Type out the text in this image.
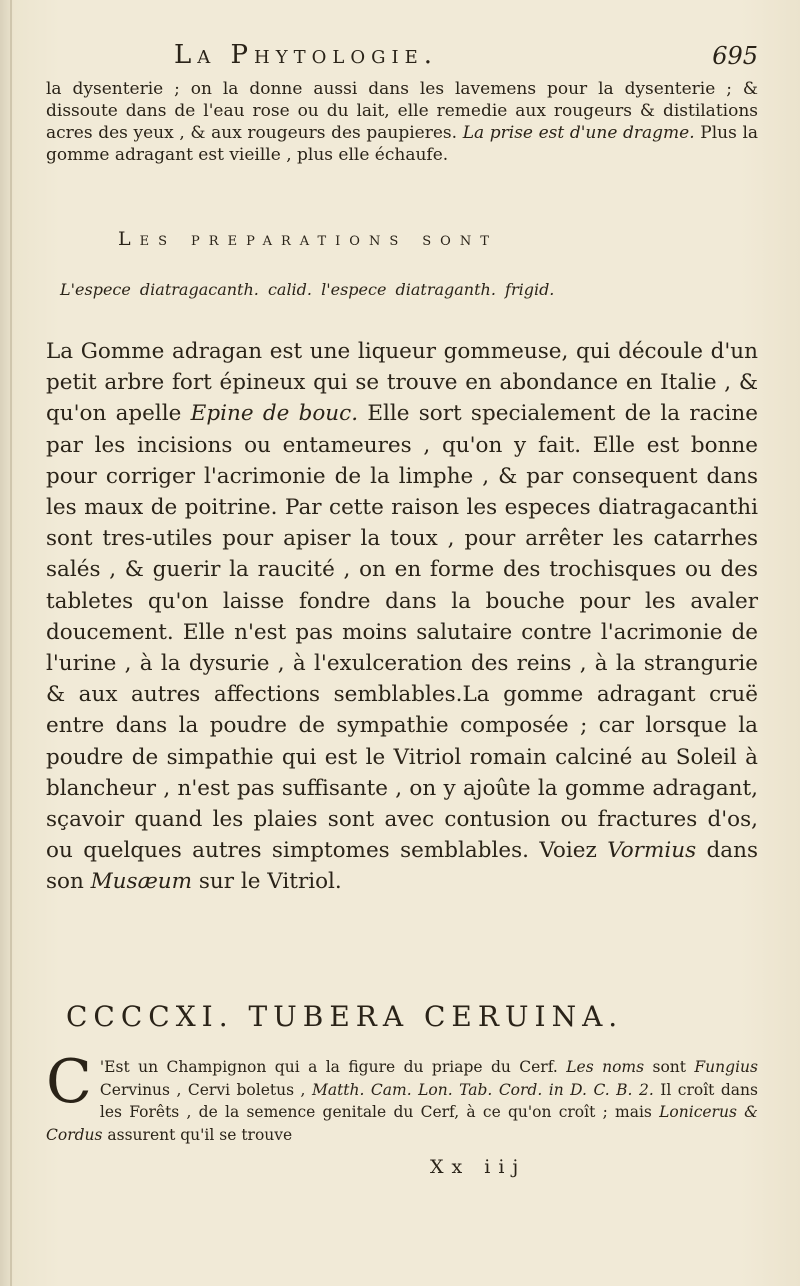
La Phytologie.	695

la dysenterie ; on la donne aussi dans les lavemens pour la dysenterie ; & dissoute dans de l'eau rose ou du lait, elle remedie aux rougeurs & distilations acres des yeux , & aux rougeurs des paupieres. La prise est d'une dragme. Plus la gomme adragant est vieille , plus elle échaufe.

Les preparations sont
L'espece diatragacanth. calid. l'espece diatraganth. frigid.

La Gomme adragan est une liqueur gommeuse, qui découle d'un petit arbre fort épineux qui se trouve en abondance en Italie , & qu'on apelle Epine de bouc. Elle sort specialement de la racine par les incisions ou entameures , qu'on y fait. Elle est bonne pour corriger l'acrimonie de la limphe , & par consequent dans les maux de poitrine. Par cette raison les especes diatragacanthi sont tres-utiles pour apiser la toux , pour arrêter les catarrhes salés , & guerir la raucité , on en forme des trochisques ou des tabletes qu'on laisse fondre dans la bouche pour les avaler doucement. Elle n'est pas moins salutaire contre l'acrimonie de l'urine , à la dysurie , à l'exulceration des reins , à la strangurie & aux autres affections semblables.La gomme adragant cruë entre dans la poudre de sympathie composée ; car lorsque la poudre de simpathie qui est le Vitriol romain calciné au Soleil à blancheur , n'est pas suffisante , on y ajoûte la gomme adragant, sçavoir quand les plaies sont avec contusion ou fractures d'os, ou quelques autres simptomes semblables. Voiez Vormius dans son Musæum sur le Vitriol.

CCCCXI. TUBERA CERUINA.

C 'Est un Champignon qui a la figure du priape du Cerf. Les noms sont Fungius Cervinus , Cervi boletus , Matth. Cam. Lon. Tab. Cord. in D. C. B. 2. Il croît dans les Forêts , de la semence genitale du Cerf, à ce qu'on croît ; mais Lonicerus & Cordus assurent qu'il se trouve

Xx iij
